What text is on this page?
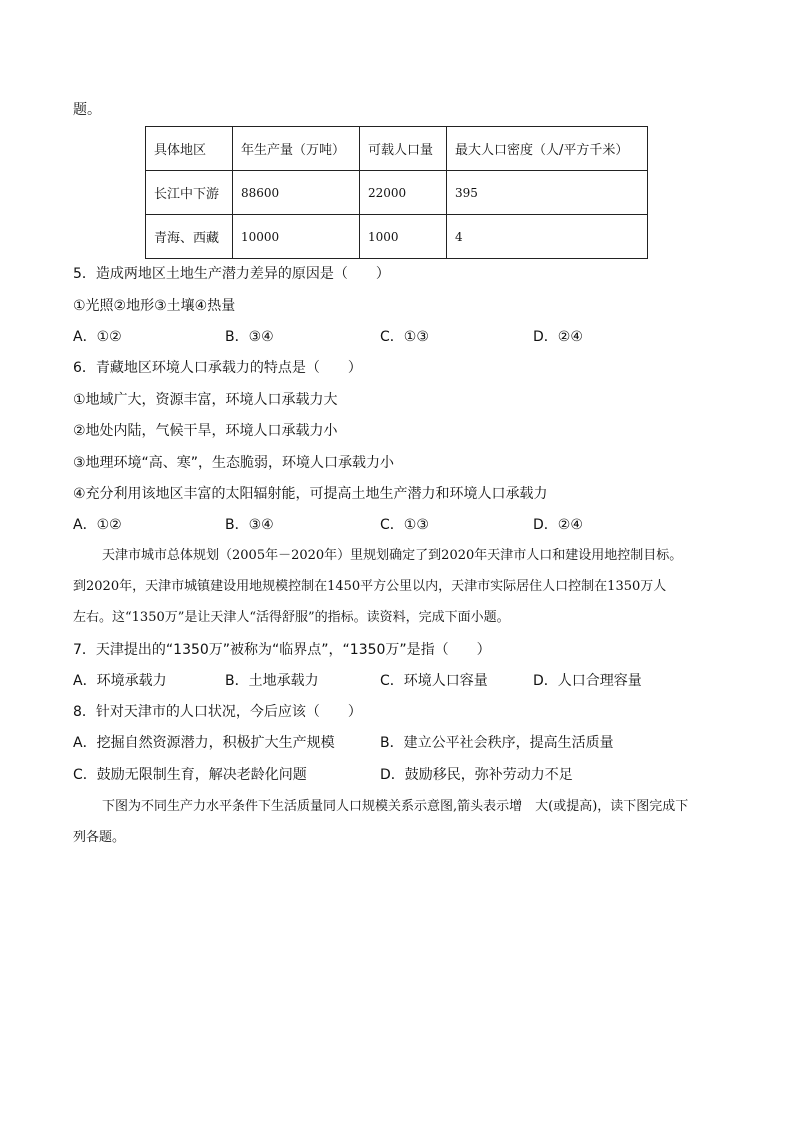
题。
具体地区	年生产量（万吨）	可载人口量	最大人口密度（人/平方千米）
长江中下游	88600	22000	395
青海、西藏	10000	1000	4
5．造成两地区土地生产潜力差异的原因是（　　）
①光照②地形③土壤④热量
A．①②	B．③④	C．①③	D．②④
6．青藏地区环境人口承载力的特点是（　　）
①地域广大，资源丰富，环境人口承载力大
②地处内陆，气候干旱，环境人口承载力小
③地理环境“高、寒”，生态脆弱，环境人口承载力小
④充分利用该地区丰富的太阳辐射能，可提高土地生产潜力和环境人口承载力
A．①②	B．③④	C．①③	D．②④
天津市城市总体规划（2005年－2020年）里规划确定了到2020年天津市人口和建设用地控制目标。
到2020年，天津市城镇建设用地规模控制在1450平方公里以内，天津市实际居住人口控制在1350万人
左右。这“1350万”是让天津人“活得舒服”的指标。读资料，完成下面小题。
7．天津提出的“1350万”被称为“临界点”，“1350万”是指（　　）
A．环境承载力	B．土地承载力	C．环境人口容量	D．人口合理容量
8．针对天津市的人口状况，今后应该（　　）
A．挖掘自然资源潜力，积极扩大生产规模	B．建立公平社会秩序，提高生活质量
C．鼓励无限制生育，解决老龄化问题	D．鼓励移民，弥补劳动力不足
下图为不同生产力水平条件下生活质量同人口规模关系示意图,箭头表示增　大(或提高)，读下图完成下
列各题。
